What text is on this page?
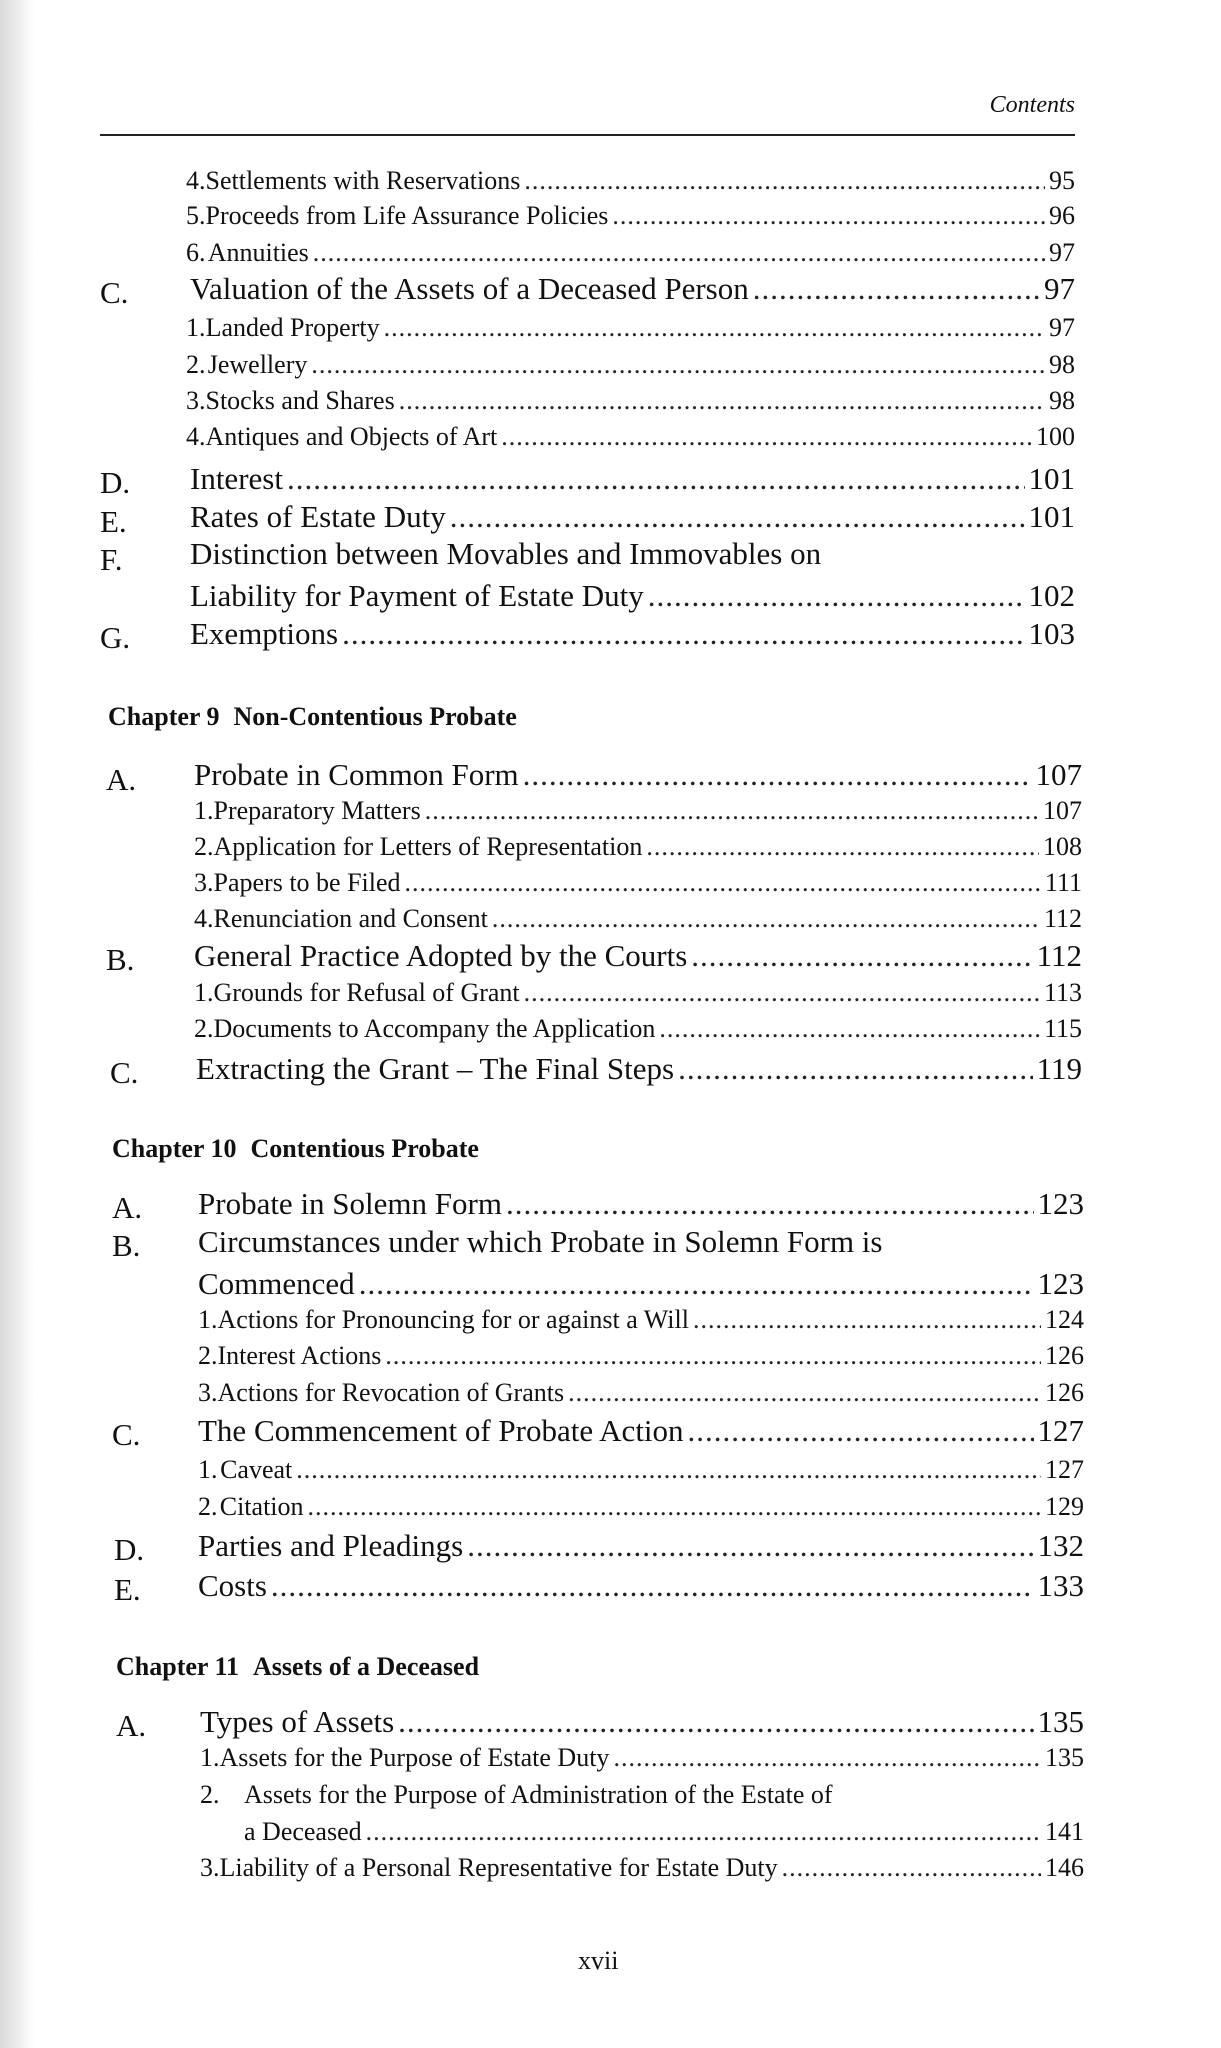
Contents
4. Settlements with Reservations .....	95
5. Proceeds from Life Assurance Policies .....	96
6. Annuities .....	97
C. Valuation of the Assets of a Deceased Person .....	97
1. Landed Property .....	97
2. Jewellery .....	98
3. Stocks and Shares .....	98
4. Antiques and Objects of Art .....	100
D. Interest .....	101
E. Rates of Estate Duty .....	101
F. Distinction between Movables and Immovables on
Liability for Payment of Estate Duty .....	102
G. Exemptions .....	103
Chapter 9 Non-Contentious Probate
A. Probate in Common Form .....	107
1. Preparatory Matters .....	107
2. Application for Letters of Representation .....	108
3. Papers to be Filed .....	111
4. Renunciation and Consent .....	112
B. General Practice Adopted by the Courts .....	112
1. Grounds for Refusal of Grant .....	113
2. Documents to Accompany the Application .....	115
C. Extracting the Grant – The Final Steps .....	119
Chapter 10 Contentious Probate
A. Probate in Solemn Form .....	123
B. Circumstances under which Probate in Solemn Form is
Commenced .....	123
1. Actions for Pronouncing for or against a Will .....	124
2. Interest Actions .....	126
3. Actions for Revocation of Grants .....	126
C. The Commencement of Probate Action .....	127
1. Caveat .....	127
2. Citation .....	129
D. Parties and Pleadings .....	132
E. Costs .....	133
Chapter 11 Assets of a Deceased
A. Types of Assets .....	135
1. Assets for the Purpose of Estate Duty .....	135
2. Assets for the Purpose of Administration of the Estate of
a Deceased .....	141
3. Liability of a Personal Representative for Estate Duty .....	146
xvii
